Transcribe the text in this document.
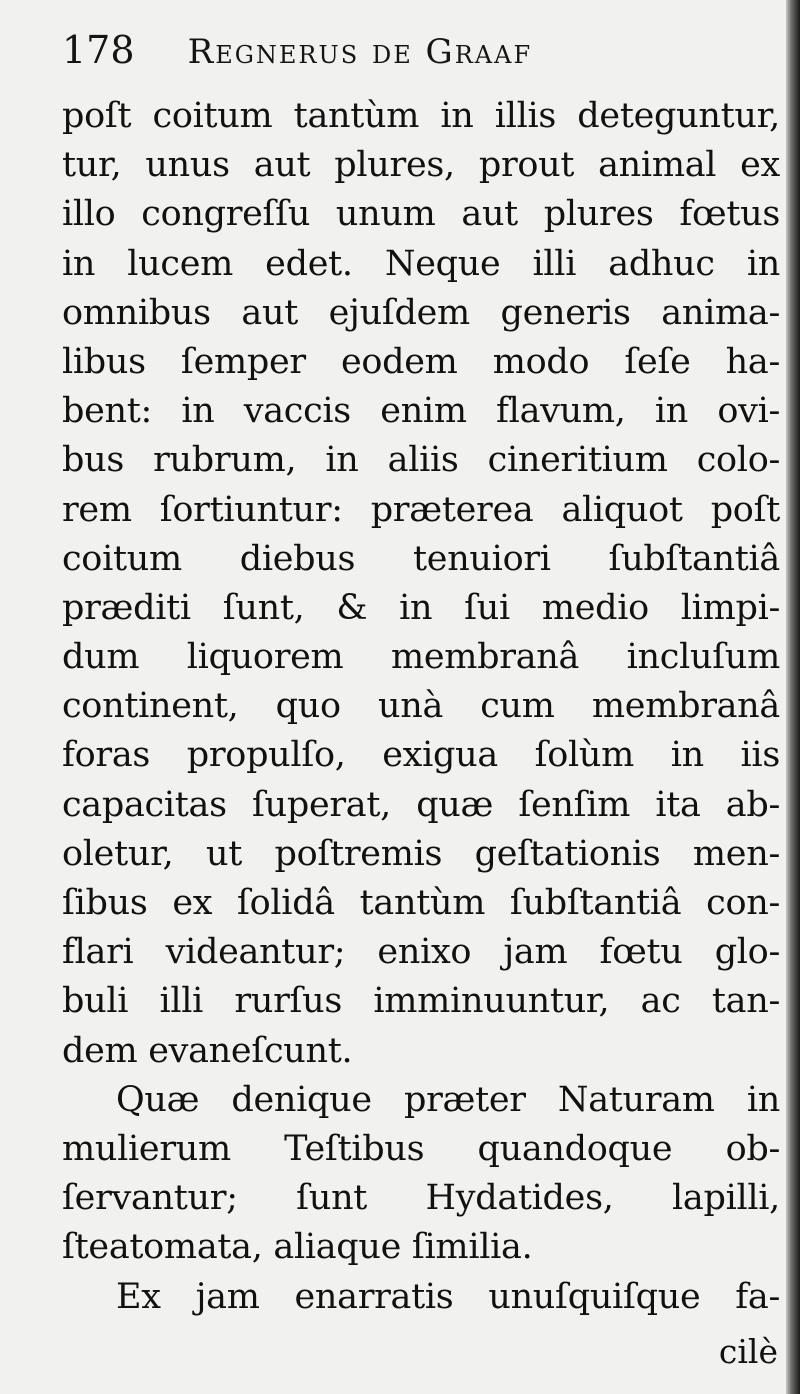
178 Regnerus de Graaf
poſt coitum tantùm in illis deteguntur,
tur, unus aut plures, prout animal ex
illo congreſſu unum aut plures fœtus
in lucem edet. Neque illi adhuc in
omnibus aut ejuſdem generis anima-
libus ſemper eodem modo ſeſe ha-
bent: in vaccis enim flavum, in ovi-
bus rubrum, in aliis cineritium colo-
rem ſortiuntur: præterea aliquot poſt
coitum diebus tenuiori ſubſtantiâ
præditi ſunt, & in ſui medio limpi-
dum liquorem membranâ incluſum
continent, quo unà cum membranâ
foras propulſo, exigua ſolùm in iis
capacitas ſuperat, quæ ſenſim ita ab-
oletur, ut poſtremis geſtationis men-
ſibus ex ſolidâ tantùm ſubſtantiâ con-
flari videantur; enixo jam fœtu glo-
buli illi rurſus imminuuntur, ac tan-
dem evaneſcunt.
Quæ denique præter Naturam in
mulierum Teſtibus quandoque ob-
ſervantur; ſunt Hydatides, lapilli,
ſteatomata, aliaque ſimilia.
Ex jam enarratis unuſquiſque fa-
cilè
